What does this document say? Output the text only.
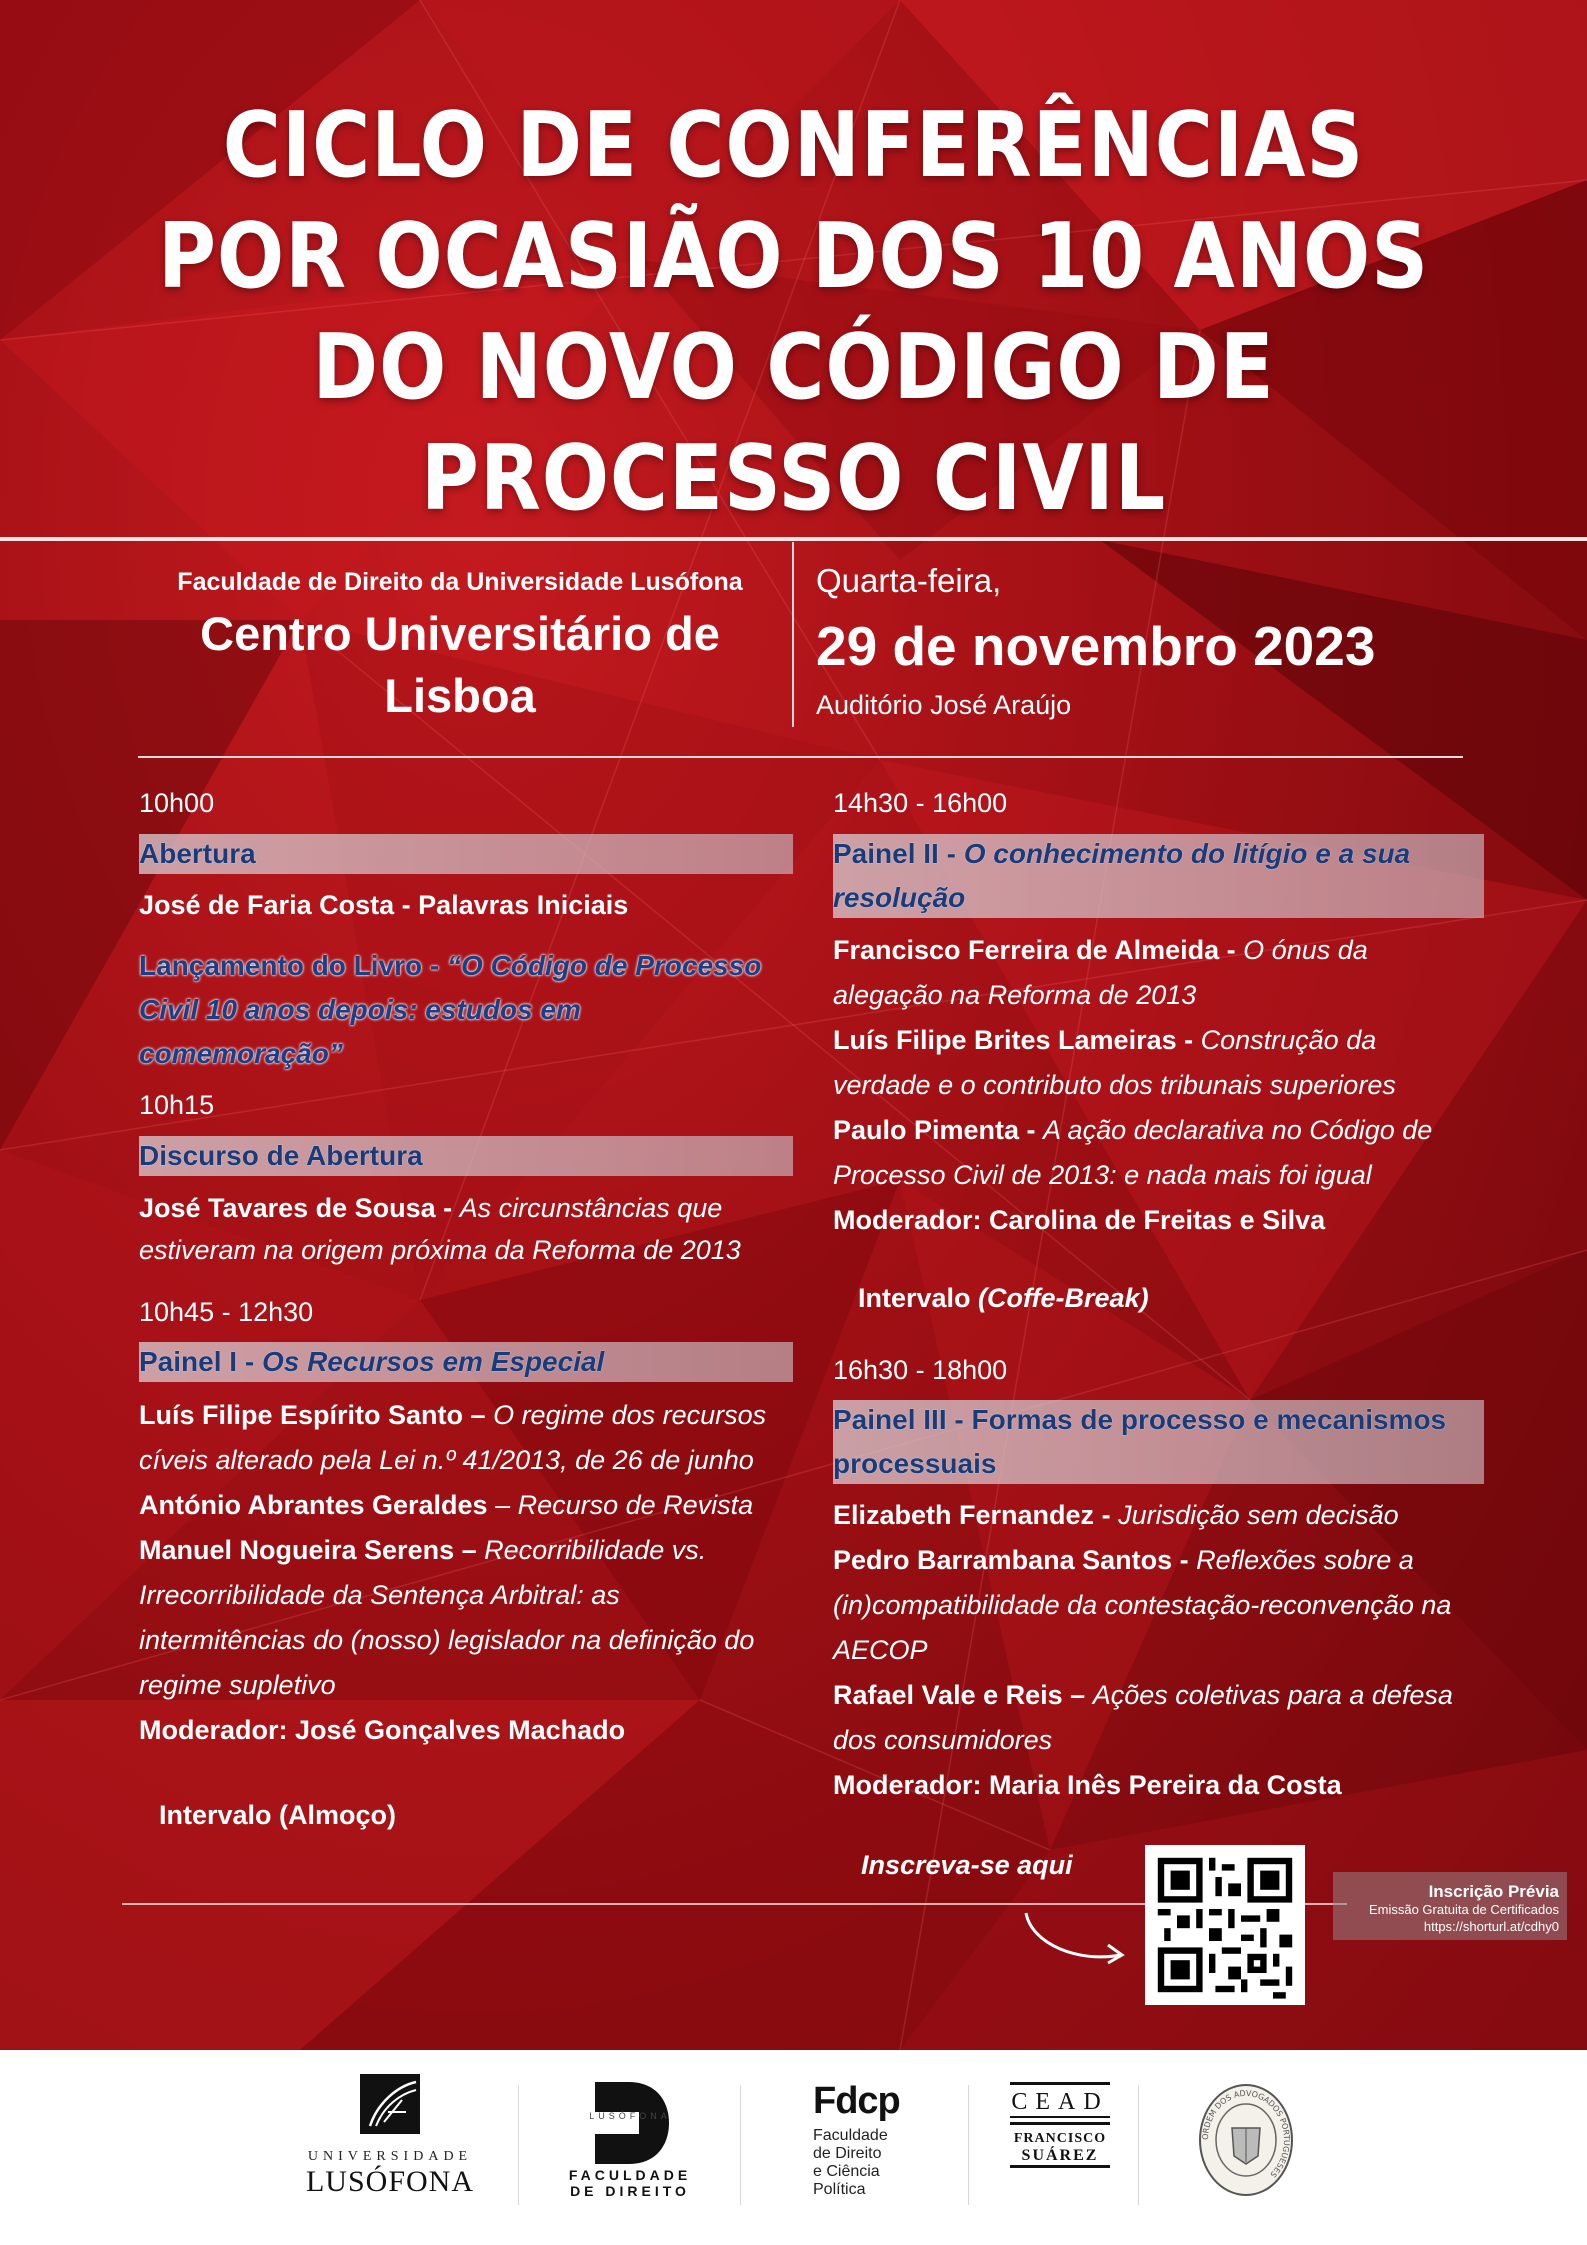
CICLO DE CONFERÊNCIAS
POR OCASIÃO DOS 10 ANOS
DO NOVO CÓDIGO DE
PROCESSO CIVIL
Faculdade de Direito da Universidade Lusófona
Centro Universitário de
Lisboa
Quarta-feira,
29 de novembro 2023
Auditório José Araújo
10h00
Abertura
José de Faria Costa - Palavras Iniciais
Lançamento do Livro - “O Código de Processo
Civil 10 anos depois: estudos em
comemoração”
10h15
Discurso de Abertura
José Tavares de Sousa - As circunstâncias que
estiveram na origem próxima da Reforma de 2013
10h45 - 12h30
Painel I - Os Recursos em Especial
Luís Filipe Espírito Santo – O regime dos recursos
cíveis alterado pela Lei n.º 41/2013, de 26 de junho
António Abrantes Geraldes – Recurso de Revista
Manuel Nogueira Serens – Recorribilidade vs.
Irrecorribilidade da Sentença Arbitral: as
intermitências do (nosso) legislador na definição do
regime supletivo
Moderador: José Gonçalves Machado
Intervalo (Almoço)
14h30 - 16h00
Painel II - O conhecimento do litígio e a sua
resolução
Francisco Ferreira de Almeida - O ónus da
alegação na Reforma de 2013
Luís Filipe Brites Lameiras - Construção da
verdade e o contributo dos tribunais superiores
Paulo Pimenta - A ação declarativa no Código de
Processo Civil de 2013: e nada mais foi igual
Moderador: Carolina de Freitas e Silva
Intervalo (Coffe-Break)
16h30 - 18h00
Painel III - Formas de processo e mecanismos
processuais
Elizabeth Fernandez - Jurisdição sem decisão
Pedro Barrambana Santos - Reflexões sobre a
(in)compatibilidade da contestação-reconvenção na
AECOP
Rafael Vale e Reis – Ações coletivas para a defesa
dos consumidores
Moderador: Maria Inês Pereira da Costa
Inscreva-se aqui
Inscrição Prévia
Emissão Gratuita de Certificados
https://shorturl.at/cdhy0
UNIVERSIDADE
LUSÓFONA
LUSÓFONA
FACULDADE
DE DIREITO
Fdcp
Faculdade
de Direito
e Ciência
Política
CEAD
FRANCISCO
SUÁREZ
ORDEM DOS ADVOGADOS PORTUGUESES
